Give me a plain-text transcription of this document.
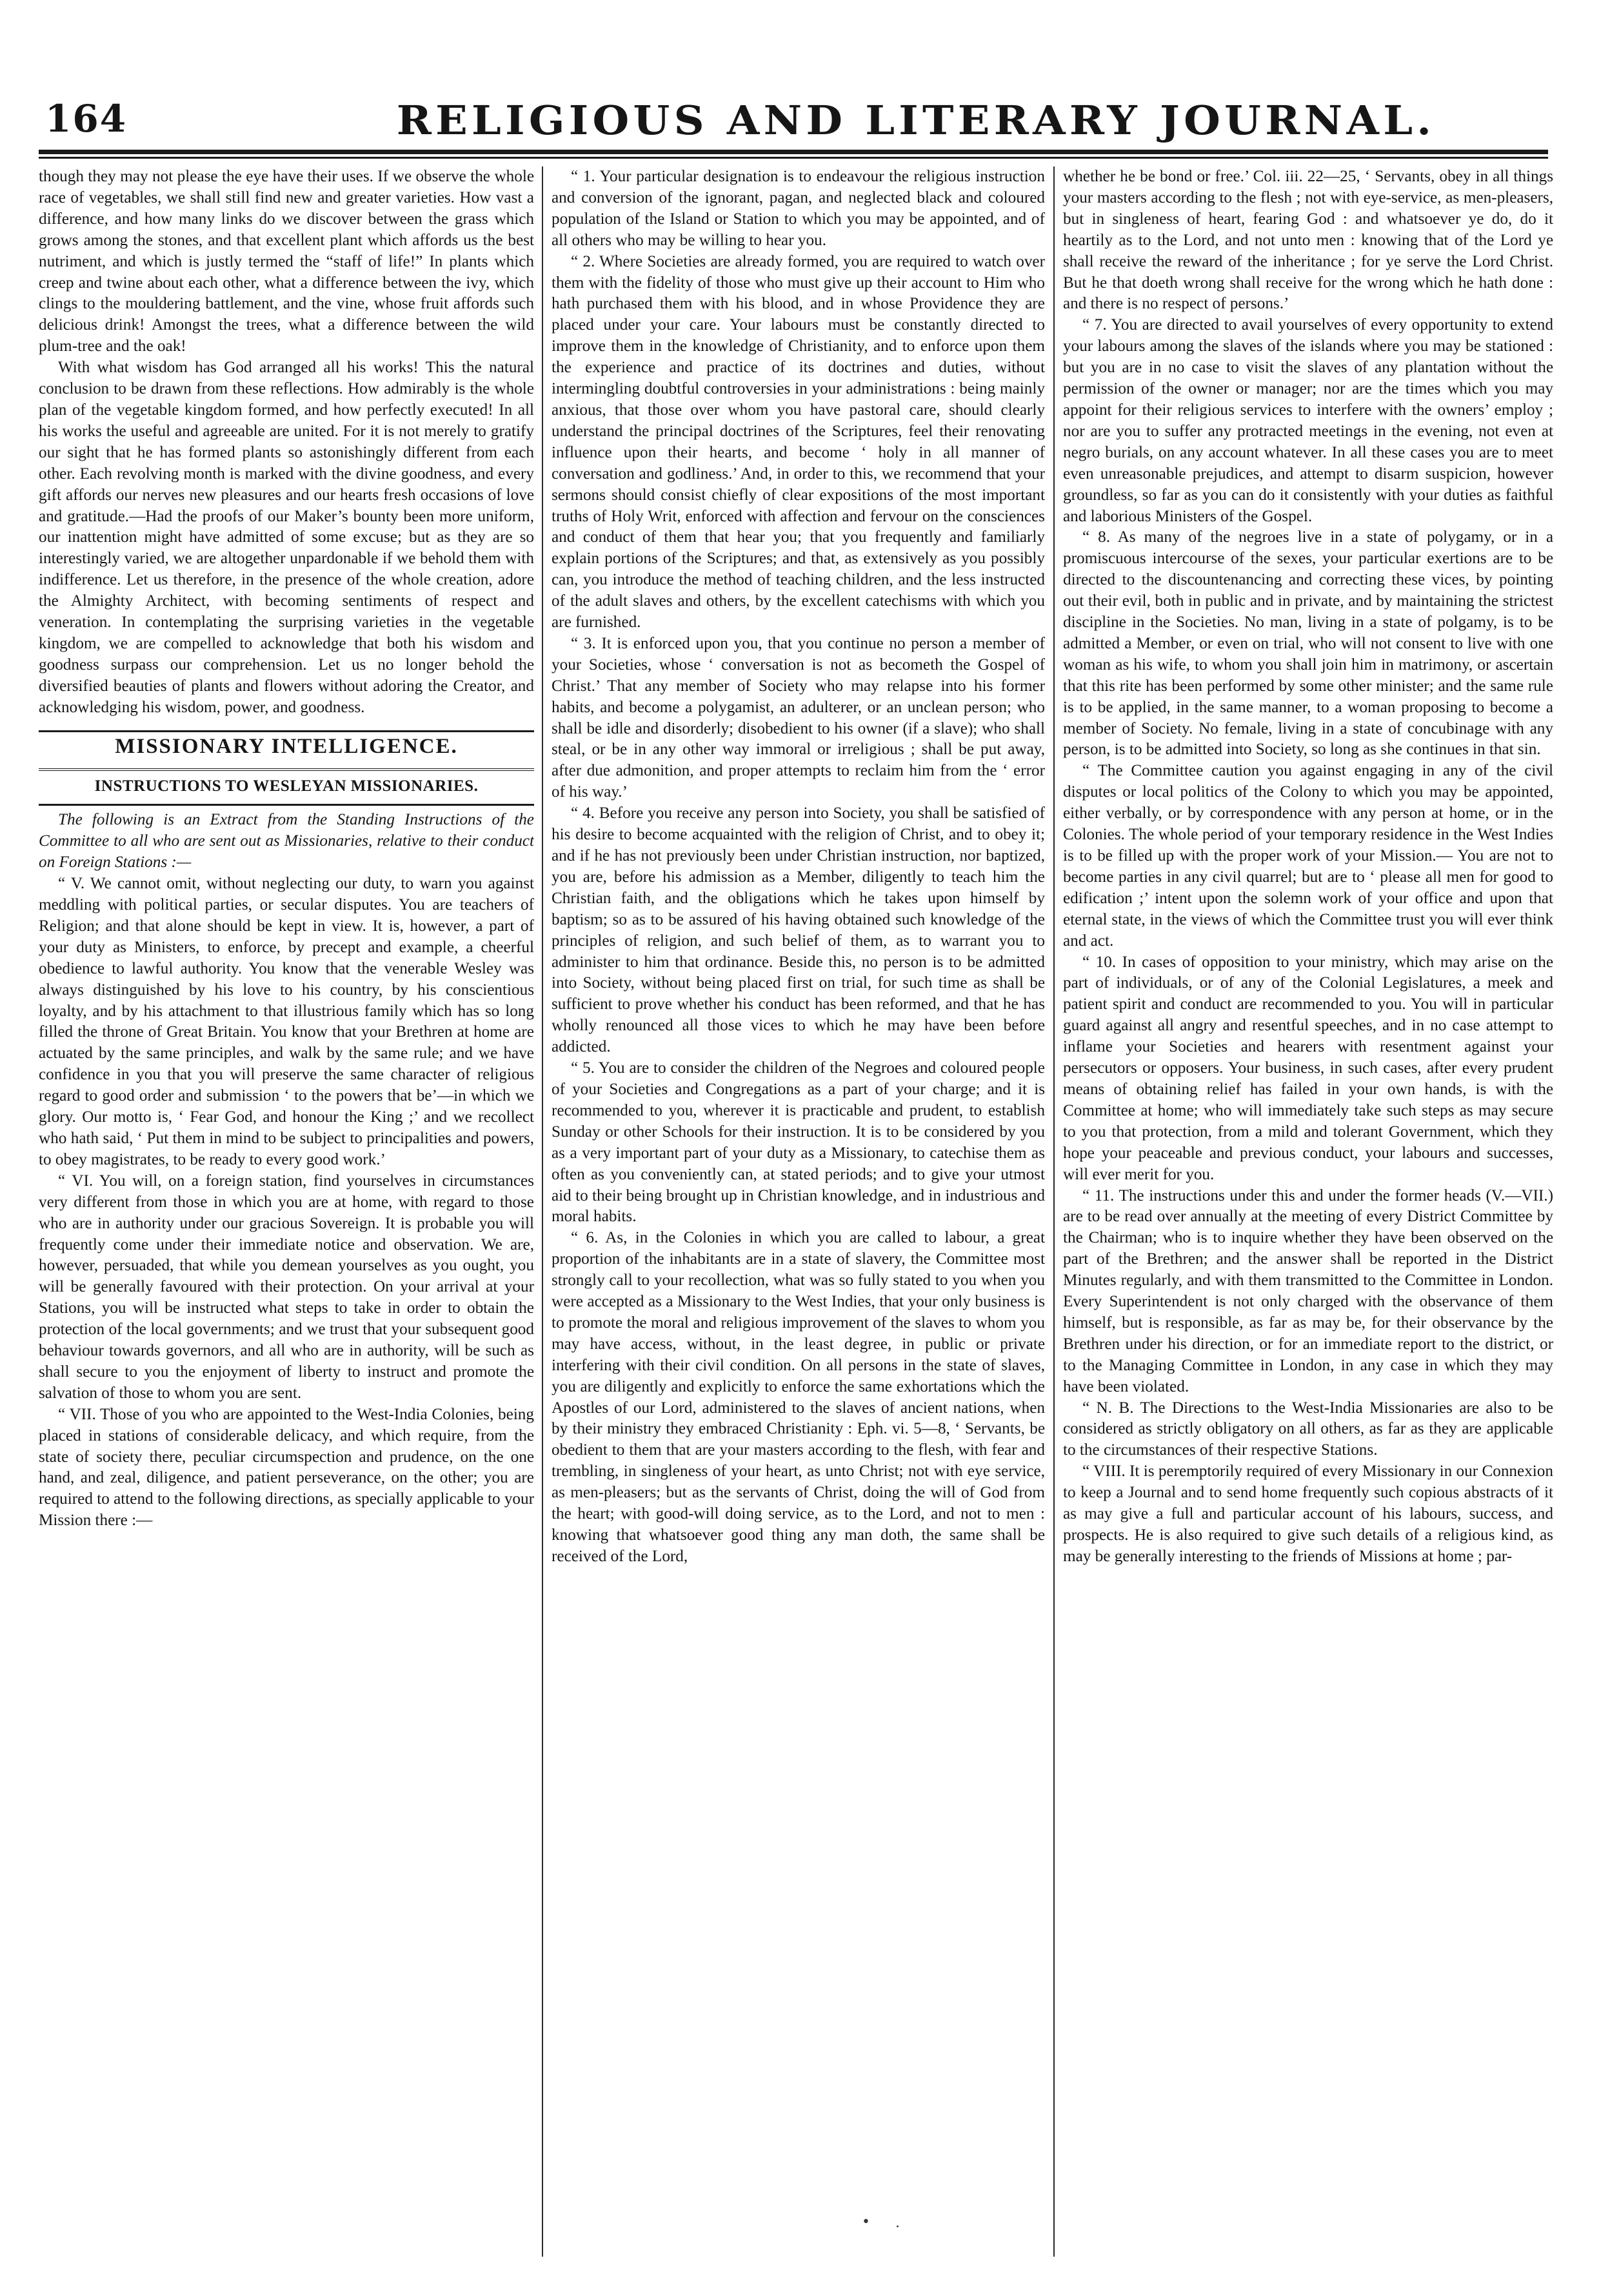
164	RELIGIOUS AND LITERARY JOURNAL.

though they may not please the eye have their uses. If we observe the whole race of vegetables, we shall still find new and greater varieties. How vast a difference, and how many links do we discover between the grass which grows among the stones, and that excellent plant which affords us the best nutriment, and which is justly termed the “staff of life!” In plants which creep and twine about each other, what a difference between the ivy, which clings to the mouldering battlement, and the vine, whose fruit affords such delicious drink! Amongst the trees, what a difference between the wild plum-tree and the oak!

With what wisdom has God arranged all his works! This the natural conclusion to be drawn from these reflections. How admirably is the whole plan of the vegetable kingdom formed, and how perfectly executed! In all his works the useful and agreeable are united. For it is not merely to gratify our sight that he has formed plants so astonishingly different from each other. Each revolving month is marked with the divine goodness, and every gift affords our nerves new pleasures and our hearts fresh occasions of love and gratitude.—Had the proofs of our Maker’s bounty been more uniform, our inattention might have admitted of some excuse; but as they are so interestingly varied, we are altogether unpardonable if we behold them with indifference. Let us therefore, in the presence of the whole creation, adore the Almighty Architect, with becoming sentiments of respect and veneration. In contemplating the surprising varieties in the vegetable kingdom, we are compelled to acknowledge that both his wisdom and goodness surpass our comprehension. Let us no longer behold the diversified beauties of plants and flowers without adoring the Creator, and acknowledging his wisdom, power, and goodness.

MISSIONARY INTELLIGENCE.
INSTRUCTIONS TO WESLEYAN MISSIONARIES.

The following is an Extract from the Standing Instructions of the Committee to all who are sent out as Missionaries, relative to their conduct on Foreign Stations :—

“ V. We cannot omit, without neglecting our duty, to warn you against meddling with political parties, or secular disputes. You are teachers of Religion; and that alone should be kept in view. It is, however, a part of your duty as Ministers, to enforce, by precept and example, a cheerful obedience to lawful authority. You know that the venerable Wesley was always distinguished by his love to his country, by his conscientious loyalty, and by his attachment to that illustrious family which has so long filled the throne of Great Britain. You know that your Brethren at home are actuated by the same principles, and walk by the same rule; and we have confidence in you that you will preserve the same character of religious regard to good order and submission ‘ to the powers that be’—in which we glory. Our motto is, ‘ Fear God, and honour the King ;’ and we recollect who hath said, ‘ Put them in mind to be subject to principalities and powers, to obey magistrates, to be ready to every good work.’

“ VI. You will, on a foreign station, find yourselves in circumstances very different from those in which you are at home, with regard to those who are in authority under our gracious Sovereign. It is probable you will frequently come under their immediate notice and observation. We are, however, persuaded, that while you demean yourselves as you ought, you will be generally favoured with their protection. On your arrival at your Stations, you will be instructed what steps to take in order to obtain the protection of the local governments; and we trust that your subsequent good behaviour towards governors, and all who are in authority, will be such as shall secure to you the enjoyment of liberty to instruct and promote the salvation of those to whom you are sent.

“ VII. Those of you who are appointed to the West-India Colonies, being placed in stations of considerable delicacy, and which require, from the state of society there, peculiar circumspection and prudence, on the one hand, and zeal, diligence, and patient perseverance, on the other; you are required to attend to the following directions, as specially applicable to your Mission there :—

“ 1. Your particular designation is to endeavour the religious instruction and conversion of the ignorant, pagan, and neglected black and coloured population of the Island or Station to which you may be appointed, and of all others who may be willing to hear you.

“ 2. Where Societies are already formed, you are required to watch over them with the fidelity of those who must give up their account to Him who hath purchased them with his blood, and in whose Providence they are placed under your care. Your labours must be constantly directed to improve them in the knowledge of Christianity, and to enforce upon them the experience and practice of its doctrines and duties, without intermingling doubtful controversies in your administrations : being mainly anxious, that those over whom you have pastoral care, should clearly understand the principal doctrines of the Scriptures, feel their renovating influence upon their hearts, and become ‘ holy in all manner of conversation and godliness.’ And, in order to this, we recommend that your sermons should consist chiefly of clear expositions of the most important truths of Holy Writ, enforced with affection and fervour on the consciences and conduct of them that hear you; that you frequently and familiarly explain portions of the Scriptures; and that, as extensively as you possibly can, you introduce the method of teaching children, and the less instructed of the adult slaves and others, by the excellent catechisms with which you are furnished.

“ 3. It is enforced upon you, that you continue no person a member of your Societies, whose ‘ conversation is not as becometh the Gospel of Christ.’ That any member of Society who may relapse into his former habits, and become a polygamist, an adulterer, or an unclean person; who shall be idle and disorderly; disobedient to his owner (if a slave); who shall steal, or be in any other way immoral or irreligious ; shall be put away, after due admonition, and proper attempts to reclaim him from the ‘ error of his way.’

“ 4. Before you receive any person into Society, you shall be satisfied of his desire to become acquainted with the religion of Christ, and to obey it; and if he has not previously been under Christian instruction, nor baptized, you are, before his admission as a Member, diligently to teach him the Christian faith, and the obligations which he takes upon himself by baptism; so as to be assured of his having obtained such knowledge of the principles of religion, and such belief of them, as to warrant you to administer to him that ordinance. Beside this, no person is to be admitted into Society, without being placed first on trial, for such time as shall be sufficient to prove whether his conduct has been reformed, and that he has wholly renounced all those vices to which he may have been before addicted.

“ 5. You are to consider the children of the Negroes and coloured people of your Societies and Congregations as a part of your charge; and it is recommended to you, wherever it is practicable and prudent, to establish Sunday or other Schools for their instruction. It is to be considered by you as a very important part of your duty as a Missionary, to catechise them as often as you conveniently can, at stated periods; and to give your utmost aid to their being brought up in Christian knowledge, and in industrious and moral habits.

“ 6. As, in the Colonies in which you are called to labour, a great proportion of the inhabitants are in a state of slavery, the Committee most strongly call to your recollection, what was so fully stated to you when you were accepted as a Missionary to the West Indies, that your only business is to promote the moral and religious improvement of the slaves to whom you may have access, without, in the least degree, in public or private interfering with their civil condition. On all persons in the state of slaves, you are diligently and explicitly to enforce the same exhortations which the Apostles of our Lord, administered to the slaves of ancient nations, when by their ministry they embraced Christianity : Eph. vi. 5—8, ‘ Servants, be obedient to them that are your masters according to the flesh, with fear and trembling, in singleness of your heart, as unto Christ; not with eye service, as men-pleasers; but as the servants of Christ, doing the will of God from the heart; with good-will doing service, as to the Lord, and not to men : knowing that whatsoever good thing any man doth, the same shall be received of the Lord,

whether he be bond or free.’ Col. iii. 22—25, ‘ Servants, obey in all things your masters according to the flesh ; not with eye-service, as men-pleasers, but in singleness of heart, fearing God : and whatsoever ye do, do it heartily as to the Lord, and not unto men : knowing that of the Lord ye shall receive the reward of the inheritance ; for ye serve the Lord Christ. But he that doeth wrong shall receive for the wrong which he hath done : and there is no respect of persons.’

“ 7. You are directed to avail yourselves of every opportunity to extend your labours among the slaves of the islands where you may be stationed : but you are in no case to visit the slaves of any plantation without the permission of the owner or manager; nor are the times which you may appoint for their religious services to interfere with the owners’ employ ; nor are you to suffer any protracted meetings in the evening, not even at negro burials, on any account whatever. In all these cases you are to meet even unreasonable prejudices, and attempt to disarm suspicion, however groundless, so far as you can do it consistently with your duties as faithful and laborious Ministers of the Gospel.

“ 8. As many of the negroes live in a state of polygamy, or in a promiscuous intercourse of the sexes, your particular exertions are to be directed to the discountenancing and correcting these vices, by pointing out their evil, both in public and in private, and by maintaining the strictest discipline in the Societies. No man, living in a state of polgamy, is to be admitted a Member, or even on trial, who will not consent to live with one woman as his wife, to whom you shall join him in matrimony, or ascertain that this rite has been performed by some other minister; and the same rule is to be applied, in the same manner, to a woman proposing to become a member of Society. No female, living in a state of concubinage with any person, is to be admitted into Society, so long as she continues in that sin.

“ The Committee caution you against engaging in any of the civil disputes or local politics of the Colony to which you may be appointed, either verbally, or by correspondence with any person at home, or in the Colonies. The whole period of your temporary residence in the West Indies is to be filled up with the proper work of your Mission.— You are not to become parties in any civil quarrel; but are to ‘ please all men for good to edification ;’ intent upon the solemn work of your office and upon that eternal state, in the views of which the Committee trust you will ever think and act.

“ 10. In cases of opposition to your ministry, which may arise on the part of individuals, or of any of the Colonial Legislatures, a meek and patient spirit and conduct are recommended to you. You will in particular guard against all angry and resentful speeches, and in no case attempt to inflame your Societies and hearers with resentment against your persecutors or opposers. Your business, in such cases, after every prudent means of obtaining relief has failed in your own hands, is with the Committee at home; who will immediately take such steps as may secure to you that protection, from a mild and tolerant Government, which they hope your peaceable and previous conduct, your labours and successes, will ever merit for you.

“ 11. The instructions under this and under the former heads (V.—VII.) are to be read over annually at the meeting of every District Committee by the Chairman; who is to inquire whether they have been observed on the part of the Brethren; and the answer shall be reported in the District Minutes regularly, and with them transmitted to the Committee in London. Every Superintendent is not only charged with the observance of them himself, but is responsible, as far as may be, for their observance by the Brethren under his direction, or for an immediate report to the district, or to the Managing Committee in London, in any case in which they may have been violated.

“ N. B. The Directions to the West-India Missionaries are also to be considered as strictly obligatory on all others, as far as they are applicable to the circumstances of their respective Stations.

“ VIII. It is peremptorily required of every Missionary in our Connexion to keep a Journal and to send home frequently such copious abstracts of it as may give a full and particular account of his labours, success, and prospects. He is also required to give such details of a religious kind, as may be generally interesting to the friends of Missions at home ; par-

• ·
